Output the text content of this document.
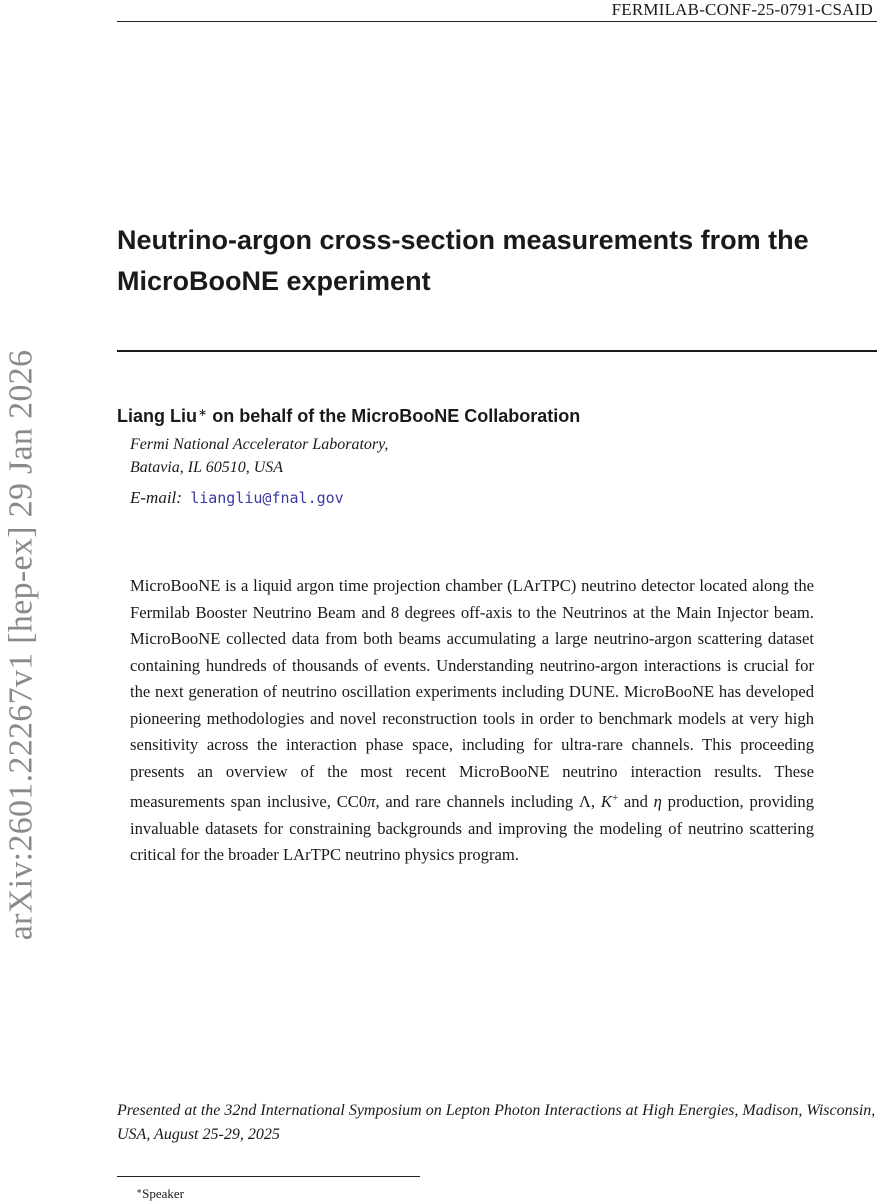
FERMILAB-CONF-25-0791-CSAID
arXiv:2601.22267v1 [hep-ex] 29 Jan 2026
Neutrino-argon cross-section measurements from the
MicroBooNE experiment
Liang Liu∗ on behalf of the MicroBooNE Collaboration
Fermi National Accelerator Laboratory,
Batavia, IL 60510, USA
E-mail: liangliu@fnal.gov

MicroBooNE is a liquid argon time projection chamber (LArTPC) neutrino detector located along the Fermilab Booster Neutrino Beam and 8 degrees off-axis to the Neutrinos at the Main Injector beam. MicroBooNE collected data from both beams accumulating a large neutrino-argon scattering dataset containing hundreds of thousands of events. Understanding neutrino-argon interactions is crucial for the next generation of neutrino oscillation experiments including DUNE. MicroBooNE has developed pioneering methodologies and novel reconstruction tools in order to benchmark models at very high sensitivity across the interaction phase space, including for ultra-rare channels. This proceeding presents an overview of the most recent MicroBooNE neutrino interaction results. These measurements span inclusive, CC0π, and rare channels including Λ, K+ and η production, providing invaluable datasets for constraining backgrounds and improving the modeling of neutrino scattering critical for the broader LArTPC neutrino physics program.

Presented at the 32nd International Symposium on Lepton Photon Interactions at High Energies, Madison, Wisconsin, USA, August 25-29, 2025

∗Speaker
